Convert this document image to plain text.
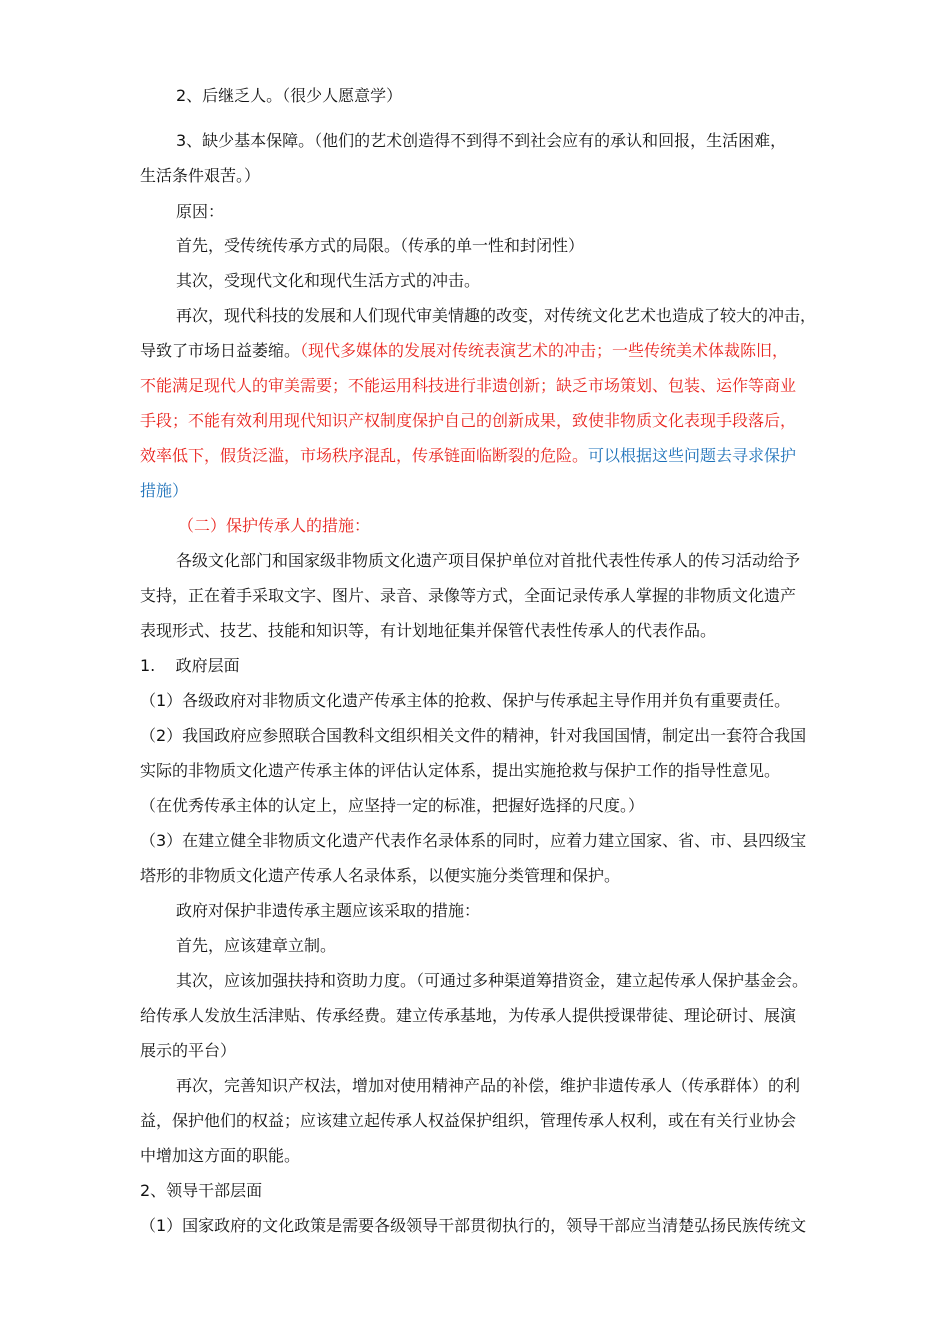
2、后继乏人。（很少人愿意学）
3、缺少基本保障。（他们的艺术创造得不到得不到社会应有的承认和回报，生活困难，
生活条件艰苦。）
原因：
首先，受传统传承方式的局限。（传承的单一性和封闭性）
其次，受现代文化和现代生活方式的冲击。
再次，现代科技的发展和人们现代审美情趣的改变，对传统文化艺术也造成了较大的冲击，
导致了市场日益萎缩。（现代多媒体的发展对传统表演艺术的冲击；一些传统美术体裁陈旧，
不能满足现代人的审美需要；不能运用科技进行非遗创新；缺乏市场策划、包装、运作等商业
手段；不能有效利用现代知识产权制度保护自己的创新成果，致使非物质文化表现手段落后，
效率低下，假货泛滥，市场秩序混乱，传承链面临断裂的危险。可以根据这些问题去寻求保护
措施）
（二）保护传承人的措施：
各级文化部门和国家级非物质文化遗产项目保护单位对首批代表性传承人的传习活动给予
支持，正在着手采取文字、图片、录音、录像等方式，全面记录传承人掌握的非物质文化遗产
表现形式、技艺、技能和知识等，有计划地征集并保管代表性传承人的代表作品。
1.    政府层面
（1）各级政府对非物质文化遗产传承主体的抢救、保护与传承起主导作用并负有重要责任。
（2）我国政府应参照联合国教科文组织相关文件的精神，针对我国国情，制定出一套符合我国
实际的非物质文化遗产传承主体的评估认定体系，提出实施抢救与保护工作的指导性意见。
（在优秀传承主体的认定上，应坚持一定的标准，把握好选择的尺度。）
（3）在建立健全非物质文化遗产代表作名录体系的同时，应着力建立国家、省、市、县四级宝
塔形的非物质文化遗产传承人名录体系，以便实施分类管理和保护。
政府对保护非遗传承主题应该采取的措施：
首先，应该建章立制。
其次，应该加强扶持和资助力度。（可通过多种渠道筹措资金，建立起传承人保护基金会。
给传承人发放生活津贴、传承经费。建立传承基地，为传承人提供授课带徒、理论研讨、展演
展示的平台）
再次，完善知识产权法，增加对使用精神产品的补偿，维护非遗传承人（传承群体）的利
益，保护他们的权益；应该建立起传承人权益保护组织，管理传承人权利，或在有关行业协会
中增加这方面的职能。
2、领导干部层面
（1）国家政府的文化政策是需要各级领导干部贯彻执行的，领导干部应当清楚弘扬民族传统文
